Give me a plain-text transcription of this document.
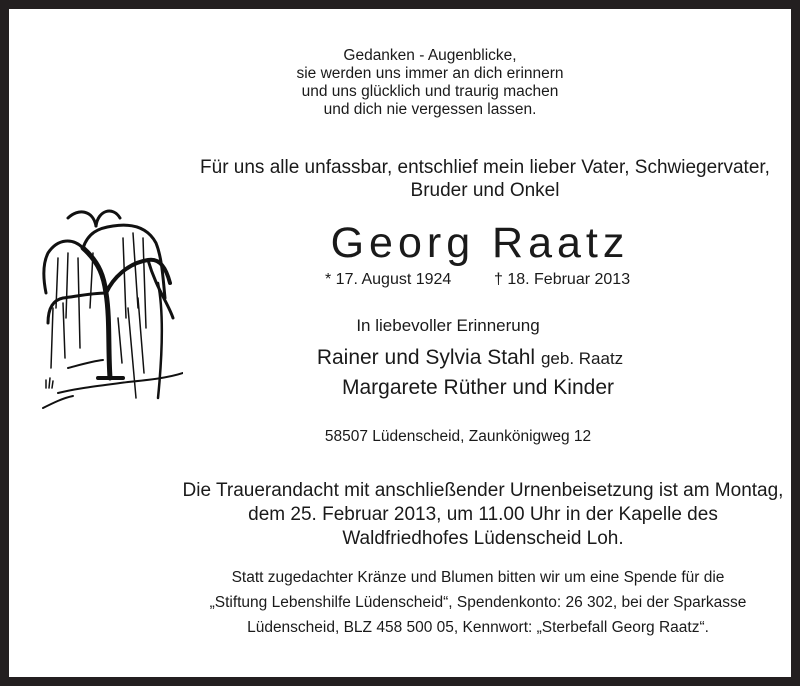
Gedanken - Augenblicke,
sie werden uns immer an dich erinnern
und uns glücklich und traurig machen
und dich nie vergessen lassen.
Für uns alle unfassbar, entschlief mein lieber Vater, Schwiegervater,
Bruder und Onkel
Georg Raatz
* 17. August 1924	† 18. Februar 2013
In liebevoller Erinnerung
Rainer und Sylvia Stahl geb. Raatz
Margarete Rüther und Kinder
58507 Lüdenscheid, Zaunkönigweg 12
Die Trauerandacht mit anschließender Urnenbeisetzung ist am Montag,
dem 25. Februar 2013, um 11.00 Uhr in der Kapelle des
Waldfriedhofes Lüdenscheid Loh.
Statt zugedachter Kränze und Blumen bitten wir um eine Spende für die
„Stiftung Lebenshilfe Lüdenscheid“, Spendenkonto: 26 302, bei der Sparkasse
Lüdenscheid, BLZ 458 500 05, Kennwort: „Sterbefall Georg Raatz“.
